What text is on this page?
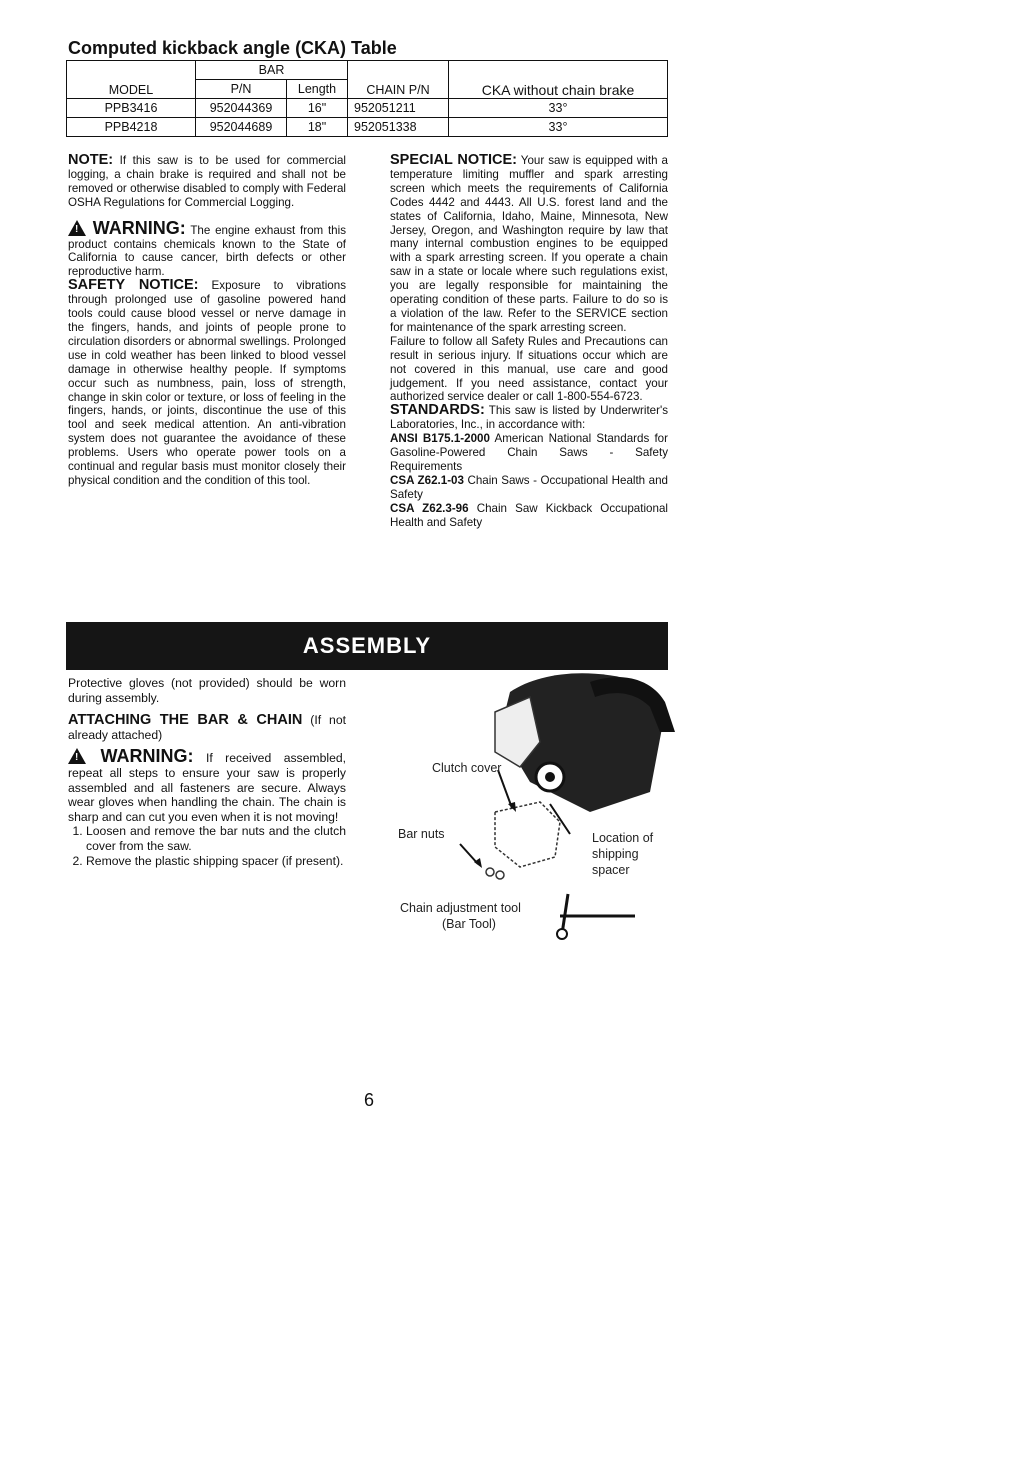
Computed kickback angle (CKA) Table
MODEL	BAR		CHAIN P/N	CKA without chain brake
	P/N	Length		
PPB3416	952044369	16"	952051211	33°
PPB4218	952044689	18"	952051338	33°

NOTE: If this saw is to be used for commercial logging, a chain brake is required and shall not be removed or otherwise disabled to comply with Federal OSHA Regulations for Commercial Logging.

! WARNING: The engine exhaust from this product contains chemicals known to the State of California to cause cancer, birth defects or other reproductive harm.

SAFETY NOTICE: Exposure to vibrations through prolonged use of gasoline powered hand tools could cause blood vessel or nerve damage in the fingers, hands, and joints of people prone to circulation disorders or abnormal swellings. Prolonged use in cold weather has been linked to blood vessel damage in otherwise healthy people. If symptoms occur such as numbness, pain, loss of strength, change in skin color or texture, or loss of feeling in the fingers, hands, or joints, discontinue the use of this tool and seek medical attention. An anti-vibration system does not guarantee the avoidance of these problems. Users who operate power tools on a continual and regular basis must monitor closely their physical condition and the condition of this tool.

SPECIAL NOTICE: Your saw is equipped with a temperature limiting muffler and spark arresting screen which meets the requirements of California Codes 4442 and 4443. All U.S. forest land and the states of California, Idaho, Maine, Minnesota, New Jersey, Oregon, and Washington require by law that many internal combustion engines to be equipped with a spark arresting screen. If you operate a chain saw in a state or locale where such regulations exist, you are legally responsible for maintaining the operating condition of these parts. Failure to do so is a violation of the law. Refer to the SERVICE section for maintenance of the spark arresting screen.

Failure to follow all Safety Rules and Precautions can result in serious injury. If situations occur which are not covered in this manual, use care and good judgement. If you need assistance, contact your authorized service dealer or call 1-800-554-6723.

STANDARDS: This saw is listed by Underwriter's Laboratories, Inc., in accordance with:

ANSI B175.1-2000 American National Standards for Gasoline-Powered Chain Saws - Safety Requirements

CSA Z62.1-03 Chain Saws - Occupational Health and Safety

CSA Z62.3-96 Chain Saw Kickback Occupational Health and Safety

ASSEMBLY

Protective gloves (not provided) should be worn during assembly.

ATTACHING THE BAR & CHAIN (If not already attached)

! WARNING: If received assembled, repeat all steps to ensure your saw is properly assembled and all fasteners are secure. Always wear gloves when handling the chain. The chain is sharp and can cut you even when it is not moving!

1. Loosen and remove the bar nuts and the clutch cover from the saw.
2. Remove the plastic shipping spacer (if present).
Clutch cover
Bar nuts	Location of shipping spacer
Chain adjustment tool
(Bar Tool)
6
